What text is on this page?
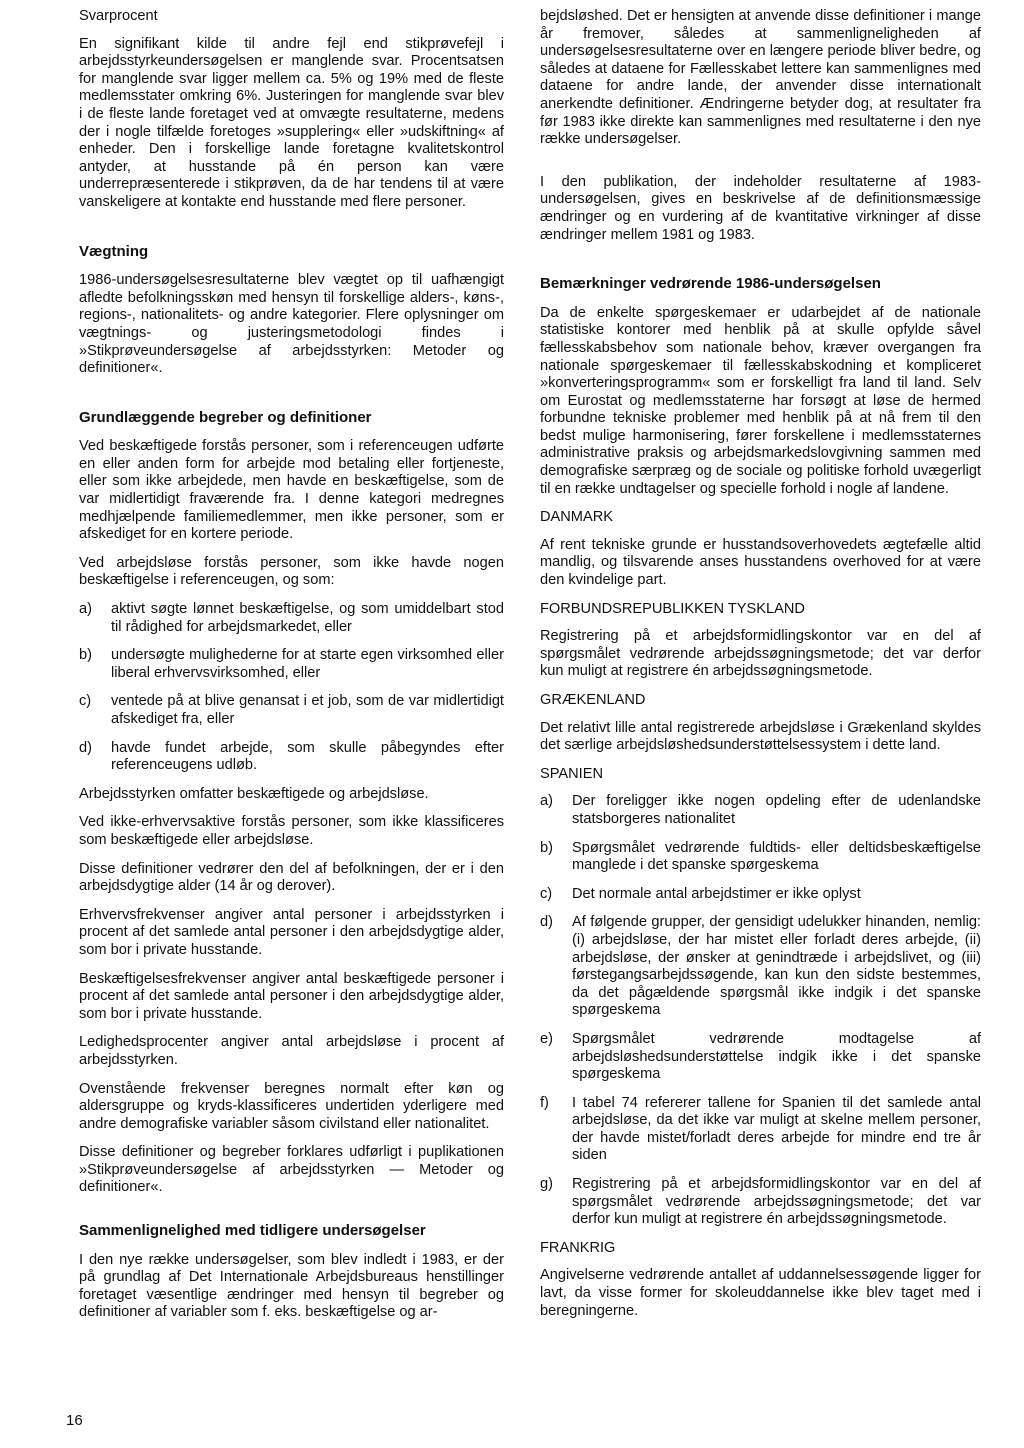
Svarprocent

En signifikant kilde til andre fejl end stikprøvefejl i arbejdsstyrkeundersøgelsen er manglende svar. Procentsatsen for manglende svar ligger mellem ca. 5% og 19% med de fleste medlemsstater omkring 6%. Justeringen for manglende svar blev i de fleste lande foretaget ved at omvægte resultaterne, medens der i nogle tilfælde foretoges »supplering« eller »udskiftning« af enheder. Den i forskellige lande foretagne kvalitetskontrol antyder, at husstande på én person kan være underrepræsenterede i stikprøven, da de har tendens til at være vanskeligere at kontakte end husstande med flere personer.

Vægtning

1986-undersøgelsesresultaterne blev vægtet op til uafhængigt afledte befolkningsskøn med hensyn til forskellige alders-, køns-, regions-, nationalitets- og andre kategorier. Flere oplysninger om vægtnings- og justeringsmetodologi findes i »Stikprøveundersøgelse af arbejdsstyrken: Metoder og definitioner«.

Grundlæggende begreber og definitioner

Ved beskæftigede forstås personer, som i referenceugen udførte en eller anden form for arbejde mod betaling eller fortjeneste, eller som ikke arbejdede, men havde en beskæftigelse, som de var midlertidigt fraværende fra. I denne kategori medregnes medhjælpende familiemedlemmer, men ikke personer, som er afskediget for en kortere periode.

Ved arbejdsløse forstås personer, som ikke havde nogen beskæftigelse i referenceugen, og som:

a)	aktivt søgte lønnet beskæftigelse, og som umiddelbart stod til rådighed for arbejdsmarkedet, eller
b)	undersøgte mulighederne for at starte egen virksomhed eller liberal erhvervsvirksomhed, eller
c)	ventede på at blive genansat i et job, som de var midlertidigt afskediget fra, eller
d)	havde fundet arbejde, som skulle påbegyndes efter referenceugens udløb.

Arbejdsstyrken omfatter beskæftigede og arbejdsløse.

Ved ikke-erhvervsaktive forstås personer, som ikke klassificeres som beskæftigede eller arbejdsløse.

Disse definitioner vedrører den del af befolkningen, der er i den arbejdsdygtige alder (14 år og derover).

Erhvervsfrekvenser angiver antal personer i arbejdsstyrken i procent af det samlede antal personer i den arbejdsdygtige alder, som bor i private husstande.

Beskæftigelsesfrekvenser angiver antal beskæftigede personer i procent af det samlede antal personer i den arbejdsdygtige alder, som bor i private husstande.

Ledighedsprocenter angiver antal arbejdsløse i procent af arbejdsstyrken.

Ovenstående frekvenser beregnes normalt efter køn og aldersgruppe og kryds-klassificeres undertiden yderligere med andre demografiske variabler såsom civilstand eller nationalitet.

Disse definitioner og begreber forklares udførligt i puplikationen »Stikprøveundersøgelse af arbejdsstyrken — Metoder og definitioner«.

Sammenlignelighed med tidligere undersøgelser

I den nye række undersøgelser, som blev indledt i 1983, er der på grundlag af Det Internationale Arbejdsbureaus henstillinger foretaget væsentlige ændringer med hensyn til begreber og definitioner af variabler som f. eks. beskæftigelse og ar-

bejdsløshed. Det er hensigten at anvende disse definitioner i mange år fremover, således at sammenligneligheden af undersøgelsesresultaterne over en længere periode bliver bedre, og således at dataene for Fællesskabet lettere kan sammenlignes med dataene for andre lande, der anvender disse internationalt anerkendte definitioner. Ændringerne betyder dog, at resultater fra før 1983 ikke direkte kan sammenlignes med resultaterne i den nye række undersøgelser.

I den publikation, der indeholder resultaterne af 1983-undersøgelsen, gives en beskrivelse af de definitionsmæssige ændringer og en vurdering af de kvantitative virkninger af disse ændringer mellem 1981 og 1983.

Bemærkninger vedrørende 1986-undersøgelsen

Da de enkelte spørgeskemaer er udarbejdet af de nationale statistiske kontorer med henblik på at skulle opfylde såvel fællesskabsbehov som nationale behov, kræver overgangen fra nationale spørgeskemaer til fællesskabskodning et kompliceret »konverteringsprogramm« som er forskelligt fra land til land. Selv om Eurostat og medlemsstaterne har forsøgt at løse de hermed forbundne tekniske problemer med henblik på at nå frem til den bedst mulige harmonisering, fører forskellene i medlemsstaternes administrative praksis og arbejdsmarkedslovgivning sammen med demografiske særpræg og de sociale og politiske forhold uvægerligt til en række undtagelser og specielle forhold i nogle af landene.

DANMARK

Af rent tekniske grunde er husstandsoverhovedets ægtefælle altid mandlig, og tilsvarende anses husstandens overhoved for at være den kvindelige part.

FORBUNDSREPUBLIKKEN TYSKLAND

Registrering på et arbejdsformidlingskontor var en del af spørgsmålet vedrørende arbejdssøgningsmetode; det var derfor kun muligt at registrere én arbejdssøgningsmetode.

GRÆKENLAND

Det relativt lille antal registrerede arbejdsløse i Grækenland skyldes det særlige arbejdsløshedsunderstøttelsessystem i dette land.

SPANIEN

a)	Der foreligger ikke nogen opdeling efter de udenlandske statsborgeres nationalitet
b)	Spørgsmålet vedrørende fuldtids- eller deltidsbeskæftigelse manglede i det spanske spørgeskema
c)	Det normale antal arbejdstimer er ikke oplyst
d)	Af følgende grupper, der gensidigt udelukker hinanden, nemlig: (i) arbejdsløse, der har mistet eller forladt deres arbejde, (ii) arbejdsløse, der ønsker at genindtræde i arbejdslivet, og (iii) førstegangsarbejdssøgende, kan kun den sidste bestemmes, da det pågældende spørgsmål ikke indgik i det spanske spørgeskema
e)	Spørgsmålet vedrørende modtagelse af arbejdsløshedsunderstøttelse indgik ikke i det spanske spørgeskema
f)	I tabel 74 refererer tallene for Spanien til det samlede antal arbejdsløse, da det ikke var muligt at skelne mellem personer, der havde mistet/forladt deres arbejde for mindre end tre år siden
g)	Registrering på et arbejdsformidlingskontor var en del af spørgsmålet vedrørende arbejdssøgningsmetode; det var derfor kun muligt at registrere én arbejdssøgningsmetode.

FRANKRIG

Angivelserne vedrørende antallet af uddannelsessøgende ligger for lavt, da visse former for skoleuddannelse ikke blev taget med i beregningerne.

16
